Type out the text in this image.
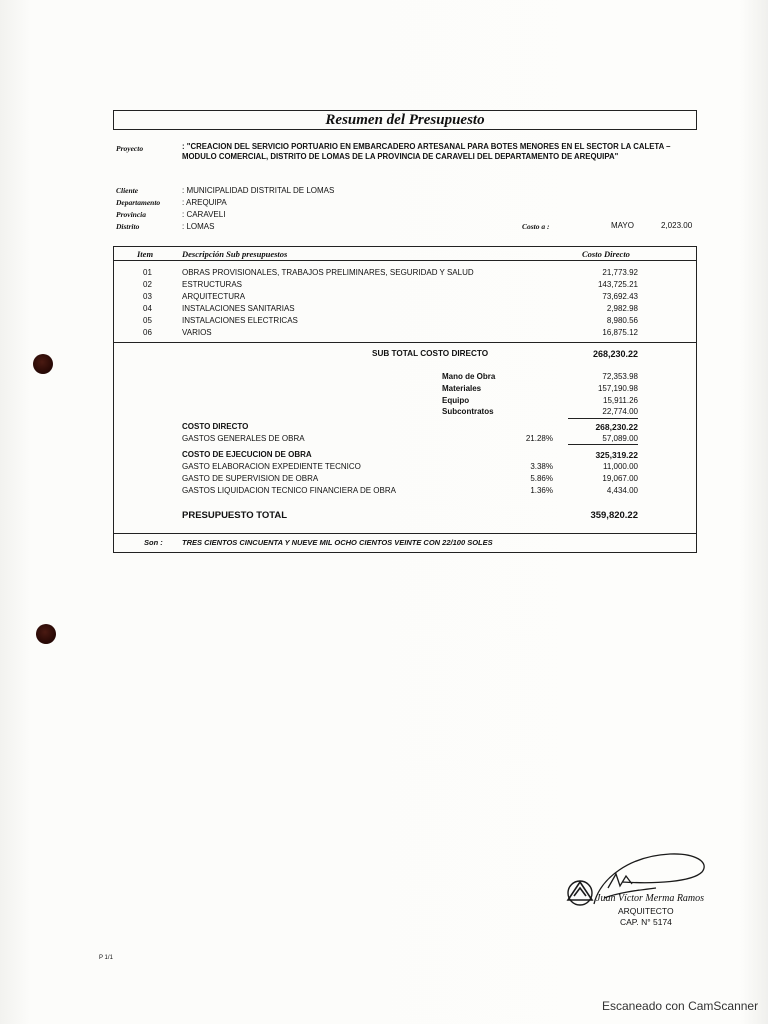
Resumen del Presupuesto
Proyecto	: "CREACION DEL SERVICIO PORTUARIO EN EMBARCADERO ARTESANAL PARA BOTES MENORES EN EL SECTOR LA CALETA – MODULO COMERCIAL, DISTRITO DE LOMAS DE LA PROVINCIA DE CARAVELI DEL DEPARTAMENTO DE AREQUIPA"
Cliente	: MUNICIPALIDAD DISTRITAL DE LOMAS
Departamento	: AREQUIPA
Provincia	: CARAVELI
Distrito	: LOMAS	Costo a :	MAYO	2,023.00
Item	Descripción Sub presupuestos	Costo Directo
01	OBRAS PROVISIONALES, TRABAJOS PRELIMINARES, SEGURIDAD Y SALUD	21,773.92
02	ESTRUCTURAS	143,725.21
03	ARQUITECTURA	73,692.43
04	INSTALACIONES SANITARIAS	2,982.98
05	INSTALACIONES ELECTRICAS	8,980.56
06	VARIOS	16,875.12
SUB TOTAL COSTO DIRECTO	268,230.22
Mano de Obra	72,353.98
Materiales	157,190.98
Equipo	15,911.26
Subcontratos	22,774.00
COSTO DIRECTO	268,230.22
GASTOS GENERALES DE OBRA	21.28%	57,089.00
COSTO DE EJECUCION DE OBRA	325,319.22
GASTO ELABORACION EXPEDIENTE TECNICO	3.38%	11,000.00
GASTO DE SUPERVISION DE OBRA	5.86%	19,067.00
GASTOS LIQUIDACION TECNICO FINANCIERA DE OBRA	1.36%	4,434.00
PRESUPUESTO TOTAL	359,820.22
Son :	TRES CIENTOS CINCUENTA Y NUEVE MIL OCHO CIENTOS VEINTE CON 22/100 SOLES
Juan Víctor Merma Ramos
ARQUITECTO
CAP. N° 5174
P 1/1
Escaneado con CamScanner
